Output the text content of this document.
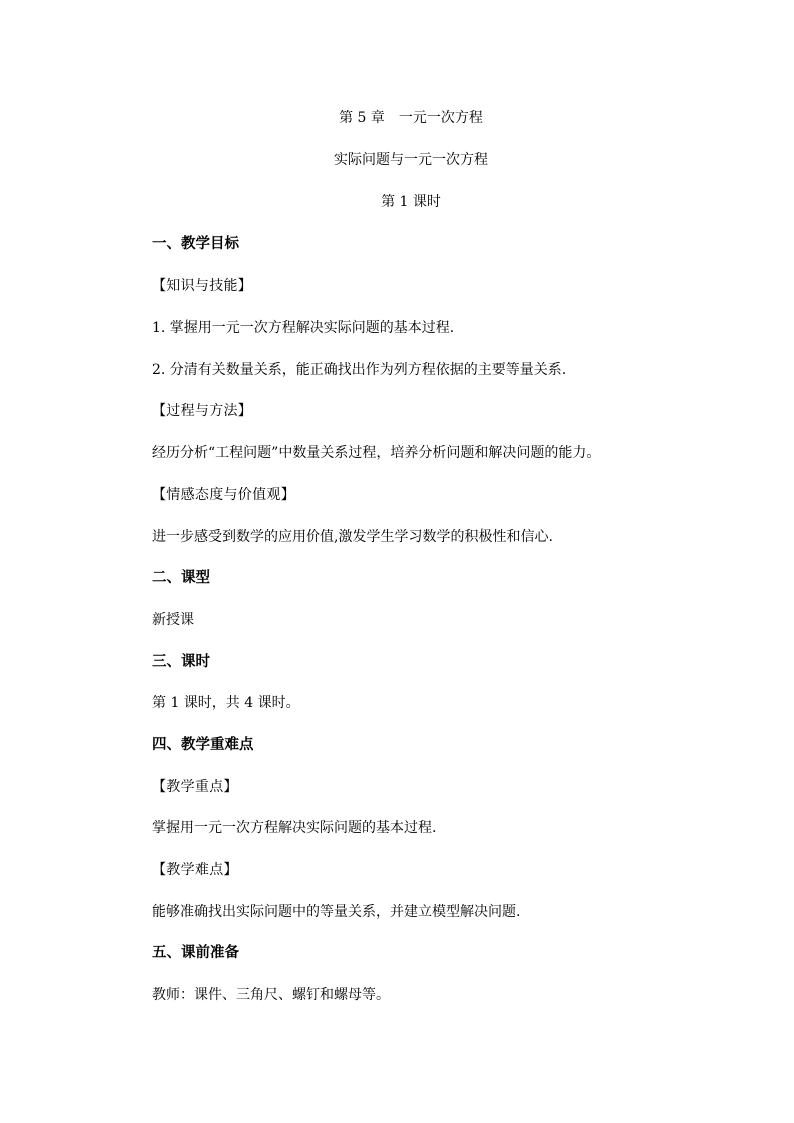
第 5 章　一元一次方程
实际问题与一元一次方程
第 1 课时
一、教学目标
【知识与技能】
1. 掌握用一元一次方程解决实际问题的基本过程.
2. 分清有关数量关系，能正确找出作为列方程依据的主要等量关系.
【过程与方法】
经历分析“工程问题”中数量关系过程，培养分析问题和解决问题的能力。
【情感态度与价值观】
进一步感受到数学的应用价值,激发学生学习数学的积极性和信心.
二、课型
新授课
三、课时
第 1 课时，共 4 课时。
四、教学重难点
【教学重点】
掌握用一元一次方程解决实际问题的基本过程.
【教学难点】
能够准确找出实际问题中的等量关系，并建立模型解决问题.
五、课前准备
教师：课件、三角尺、螺钉和螺母等。
